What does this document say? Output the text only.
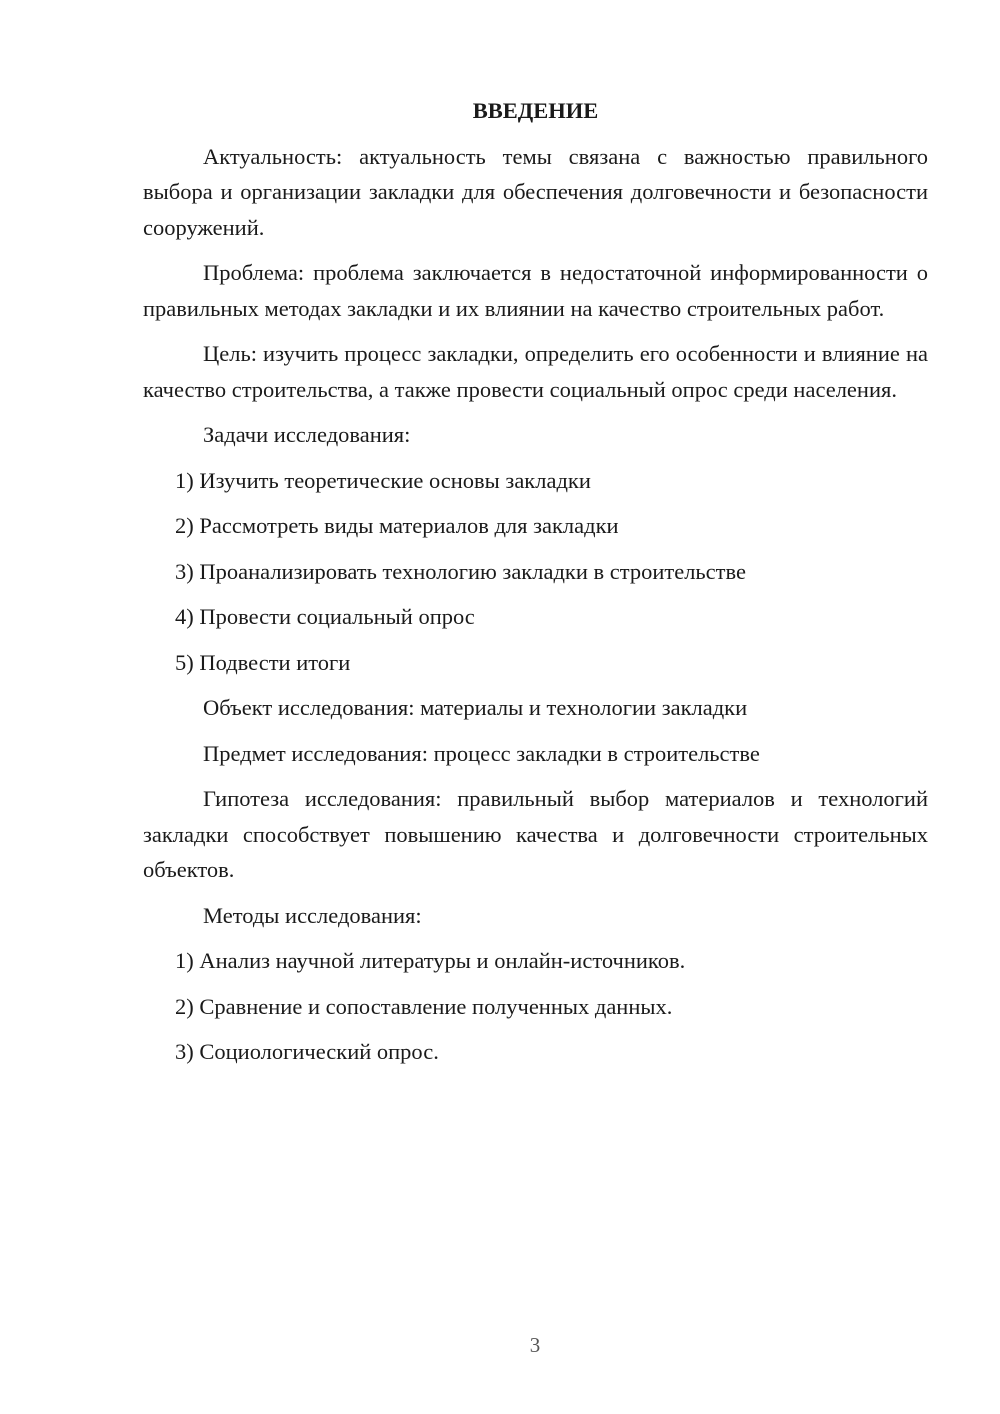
ВВЕДЕНИЕ

Актуальность: актуальность темы связана с важностью правильного выбора и организации закладки для обеспечения долговечности и безопасности сооружений.

Проблема: проблема заключается в недостаточной информированности о правильных методах закладки и их влиянии на качество строительных работ.

Цель: изучить процесс закладки, определить его особенности и влияние на качество строительства, а также провести социальный опрос среди населения.

Задачи исследования:

1) Изучить теоретические основы закладки

2) Рассмотреть виды материалов для закладки

3) Проанализировать технологию закладки в строительстве

4) Провести социальный опрос

5) Подвести итоги

Объект исследования: материалы и технологии закладки

Предмет исследования: процесс закладки в строительстве

Гипотеза исследования: правильный выбор материалов и технологий закладки способствует повышению качества и долговечности строительных объектов.

Методы исследования:

1) Анализ научной литературы и онлайн-источников.

2) Сравнение и сопоставление полученных данных.

3) Социологический опрос.

3
